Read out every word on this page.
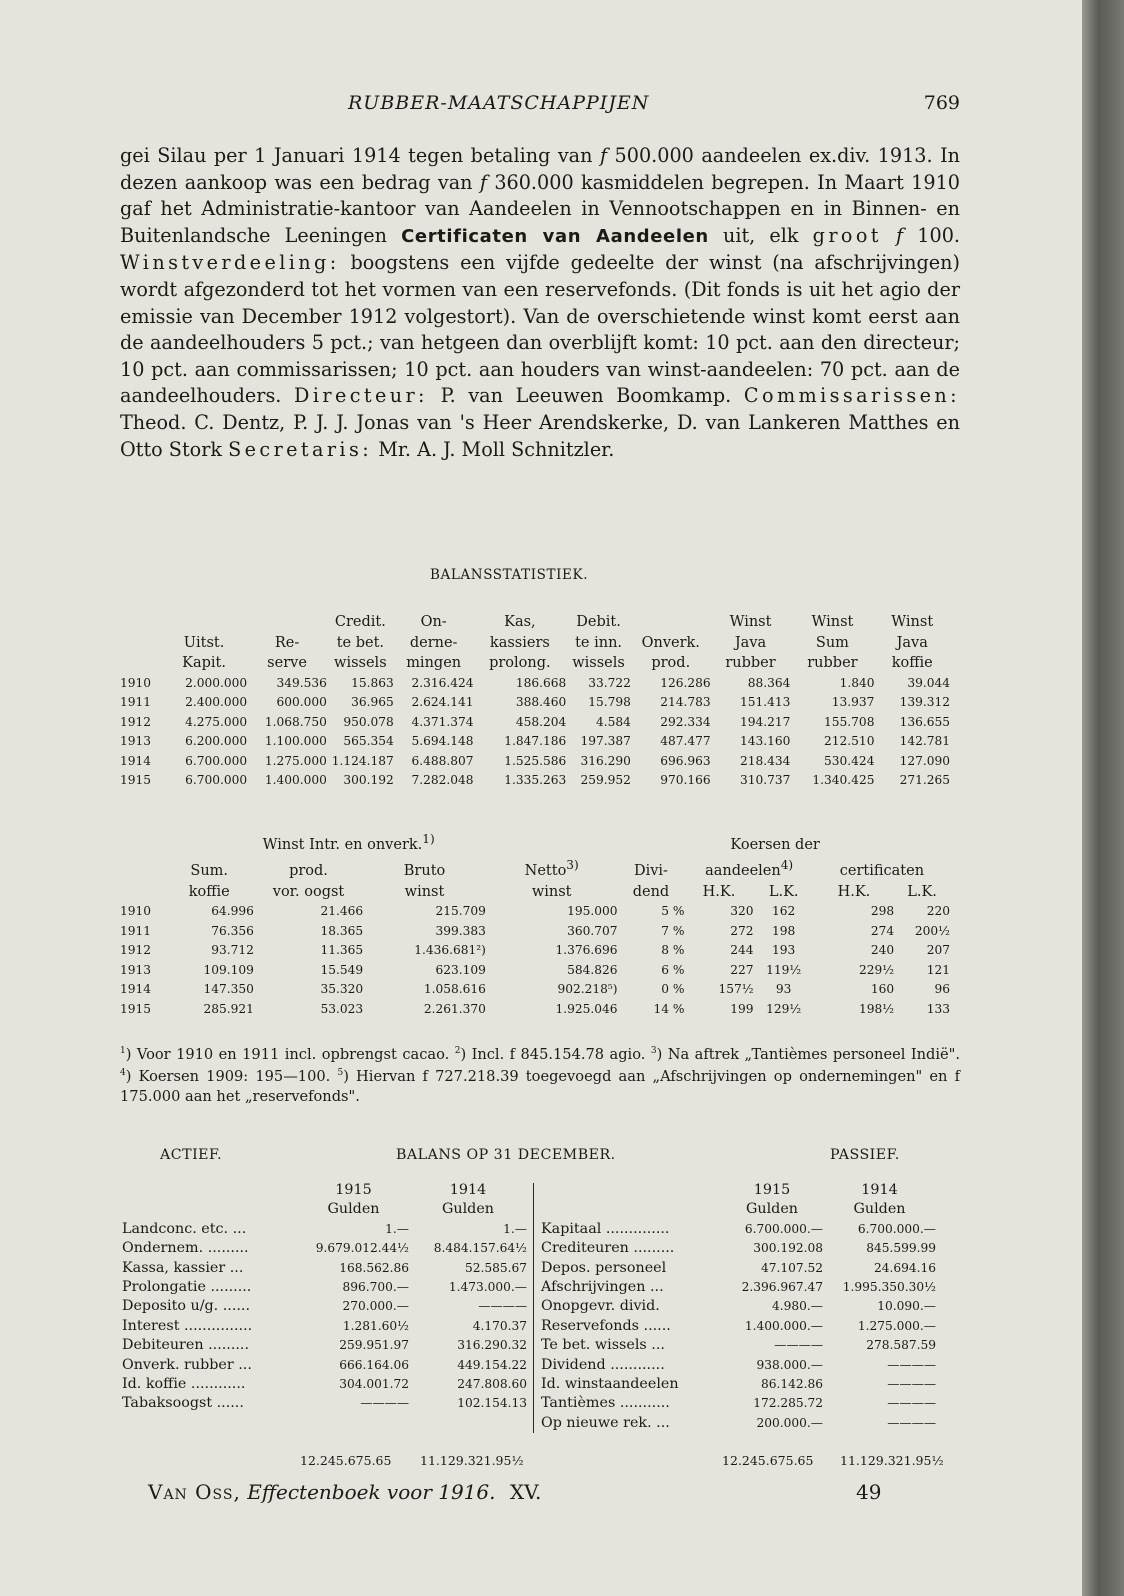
RUBBER-MAATSCHAPPIJEN	769
gei Silau per 1 Januari 1914 tegen betaling van f 500.000 aandeelen ex.div. 1913. In dezen aankoop was een bedrag van f 360.000 kasmiddelen begrepen. In Maart 1910 gaf het Administratie-kantoor van Aandeelen in Vennootschappen en in Binnen- en Buitenlandsche Leeningen Certificaten van Aandeelen uit, elk groot f 100. Winstverdeeling: boogstens een vijfde gedeelte der winst (na afschrijvingen) wordt afgezonderd tot het vormen van een reservefonds. (Dit fonds is uit het agio der emissie van December 1912 volgestort). Van de overschietende winst komt eerst aan de aandeelhouders 5 pct.; van hetgeen dan overblijft komt: 10 pct. aan den directeur; 10 pct. aan commissarissen; 10 pct. aan houders van winst-aandeelen: 70 pct. aan de aandeelhouders. Directeur: P. van Leeuwen Boomkamp. Commissarissen: Theod. C. Dentz, P. J. J. Jonas van 's Heer Arendskerke, D. van Lankeren Matthes en Otto Stork Secretaris: Mr. A. J. Moll Schnitzler.
BALANSSTATISTIEK.
			Credit.	On-	Kas,	Debit.		Winst	Winst	Winst
	Uitst.	Re-	te bet.	derne-	kassiers	te inn.	Onverk.	Java	Sum	Java
	Kapit.	serve	wissels	mingen	prolong.	wissels	prod.	rubber	rubber	koffie
1910	2.000.000	349.536	15.863	2.316.424	186.668	33.722	126.286	88.364	1.840	39.044
1911	2.400.000	600.000	36.965	2.624.141	388.460	15.798	214.783	151.413	13.937	139.312
1912	4.275.000	1.068.750	950.078	4.371.374	458.204	4.584	292.334	194.217	155.708	136.655
1913	6.200.000	1.100.000	565.354	5.694.148	1.847.186	197.387	487.477	143.160	212.510	142.781
1914	6.700.000	1.275.000	1.124.187	6.488.807	1.525.586	316.290	696.963	218.434	530.424	127.090
1915	6.700.000	1.400.000	300.192	7.282.048	1.335.263	259.952	970.166	310.737	1.340.425	271.265
	Winst Intr. en onverk.$^{1)}$					Koersen der			
	Sum.	prod.	Bruto	Netto$^{3)}$	Divi-	aandeelen$^{4)}$		certificaten	
	koffie	vor. oogst	winst	winst	dend	H.K.	L.K.	H.K.	L.K.
1910	64.996	21.466	215.709	195.000	5 %	320	162	298	220
1911	76.356	18.365	399.383	360.707	7 %	272	198	274	200½
1912	93.712	11.365	1.436.681²)	1.376.696	8 %	244	193	240	207
1913	109.109	15.549	623.109	584.826	6 %	227	119½	229½	121
1914	147.350	35.320	1.058.616	902.218⁵)	0 %	157½	93	160	96
1915	285.921	53.023	2.261.370	1.925.046	14 %	199	129½	198½	133
$^1$) Voor 1910 en 1911 incl. opbrengst cacao. $^2$) Incl. f 845.154.78 agio. $^3$) Na aftrek „Tantièmes personeel Indië". $^4$) Koersen 1909: 195—100. $^5$) Hiervan f 727.218.39 toegevoegd aan „Afschrijvingen op ondernemingen" en f 175.000 aan het „reservefonds".
ACTIEF.	BALANS OP 31 DECEMBER.	PASSIEF.
	1915	1914
	Gulden	Gulden
Landconc. etc. ...	1.—	1.—
Ondernem. .........	9.679.012.44½	8.484.157.64½
Kassa, kassier ...	168.562.86	52.585.67
Prolongatie .........	896.700.—	1.473.000.—
Deposito u/g. ......	270.000.—	————
Interest ...............	1.281.60½	4.170.37
Debiteuren .........	259.951.97	316.290.32
Onverk. rubber ...	666.164.06	449.154.22
Id. koffie ............	304.001.72	247.808.60
Tabaksoogst ......	————	102.154.13
	1915	1914
	Gulden	Gulden
Kapitaal ..............	6.700.000.—	6.700.000.—
Crediteuren .........	300.192.08	845.599.99
Depos. personeel	47.107.52	24.694.16
Afschrijvingen ...	2.396.967.47	1.995.350.30½
Onopgevr. divid.	4.980.—	10.090.—
Reservefonds ......	1.400.000.—	1.275.000.—
Te bet. wissels ...	————	278.587.59
Dividend ............	938.000.—	————
Id. winstaandeelen	86.142.86	————
Tantièmes ...........	172.285.72	————
Op nieuwe rek. ...	200.000.—	————
12.245.675.65 11.129.321.95½	12.245.675.65 11.129.321.95½
Van Oss, Effectenboek voor 1916. XV.	49
